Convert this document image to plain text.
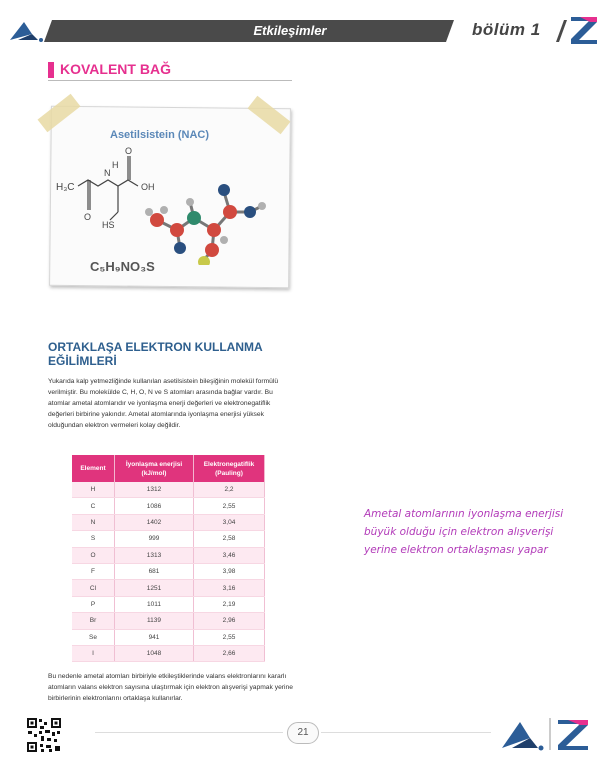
Etkileşimler	bölüm 1
KOVALENT BAĞ
Asetilsistein (NAC)
H₃C
N
H
O
O
OH
HS
C₅H₉NO₃S
ORTAKLAŞA ELEKTRON KULLANMA EĞİLİMLERİ
Yukarıda kalp yetmezliğinde kullanılan asetilsistein bileşiğinin molekül formülü verilmiştir. Bu molekülde C, H, O, N ve S atomları arasında bağlar vardır. Bu atomlar ametal atomlarıdır ve iyonlaşma enerji değerleri ve elektronegatiflik değerleri birbirine yakındır. Ametal atomlarında iyonlaşma enerjisi yüksek olduğundan elektron vermeleri kolay değildir.
Element	İyonlaşma enerjisi (kJ/mol)	Elektronegatiflik (Pauling)
H	1312	2,2
C	1086	2,55
N	1402	3,04
S	999	2,58
O	1313	3,46
F	681	3,98
Cl	1251	3,16
P	1011	2,19
Br	1139	2,96
Se	941	2,55
I	1048	2,66
Bu nedenle ametal atomları birbiriyle etkileştiklerinde valans elektronlarını kararlı atomların valans elektron sayısına ulaştırmak için elektron alışverişi yapmak yerine birbirlerinin elektronlarını ortaklaşa kullanırlar.
Ametal atomlarının iyonlaşma enerjisi
büyük olduğu için elektron alışverişi
yerine elektron ortaklaşması yapar
21
